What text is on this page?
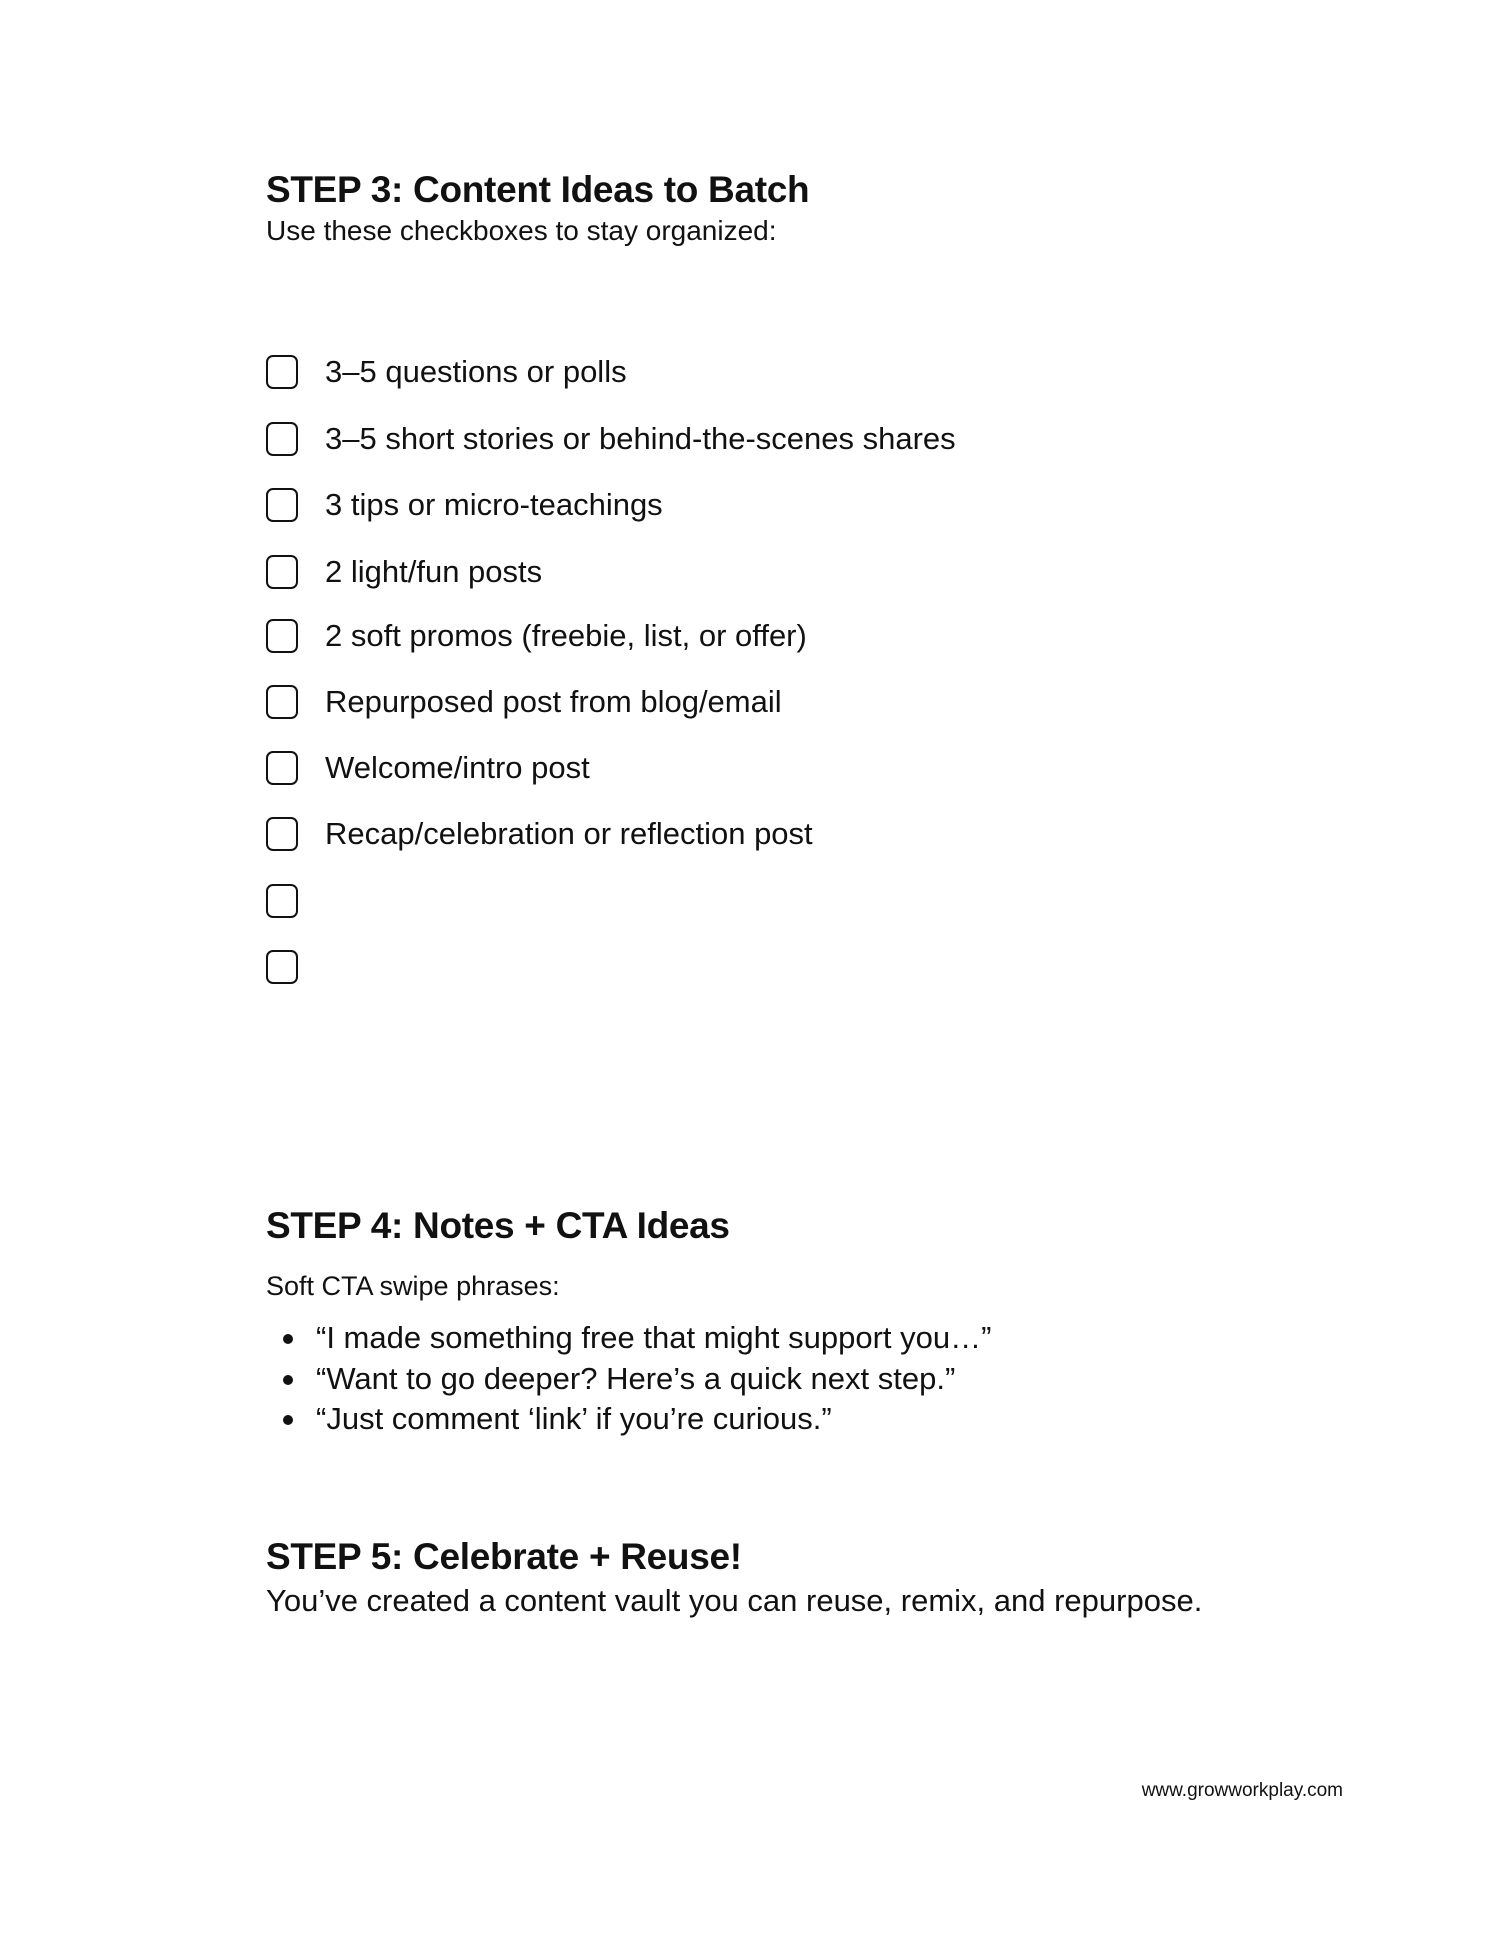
STEP 3: Content Ideas to Batch
Use these checkboxes to stay organized:
3–5 questions or polls
3–5 short stories or behind-the-scenes shares
3 tips or micro-teachings
2 light/fun posts
2 soft promos (freebie, list, or offer)
Repurposed post from blog/email
Welcome/intro post
Recap/celebration or reflection post
STEP 4: Notes + CTA Ideas
Soft CTA swipe phrases:
“I made something free that might support you…”
“Want to go deeper? Here’s a quick next step.”
“Just comment ‘link’ if you’re curious.”
STEP 5: Celebrate + Reuse!
You’ve created a content vault you can reuse, remix, and repurpose.
www.growworkplay.com
